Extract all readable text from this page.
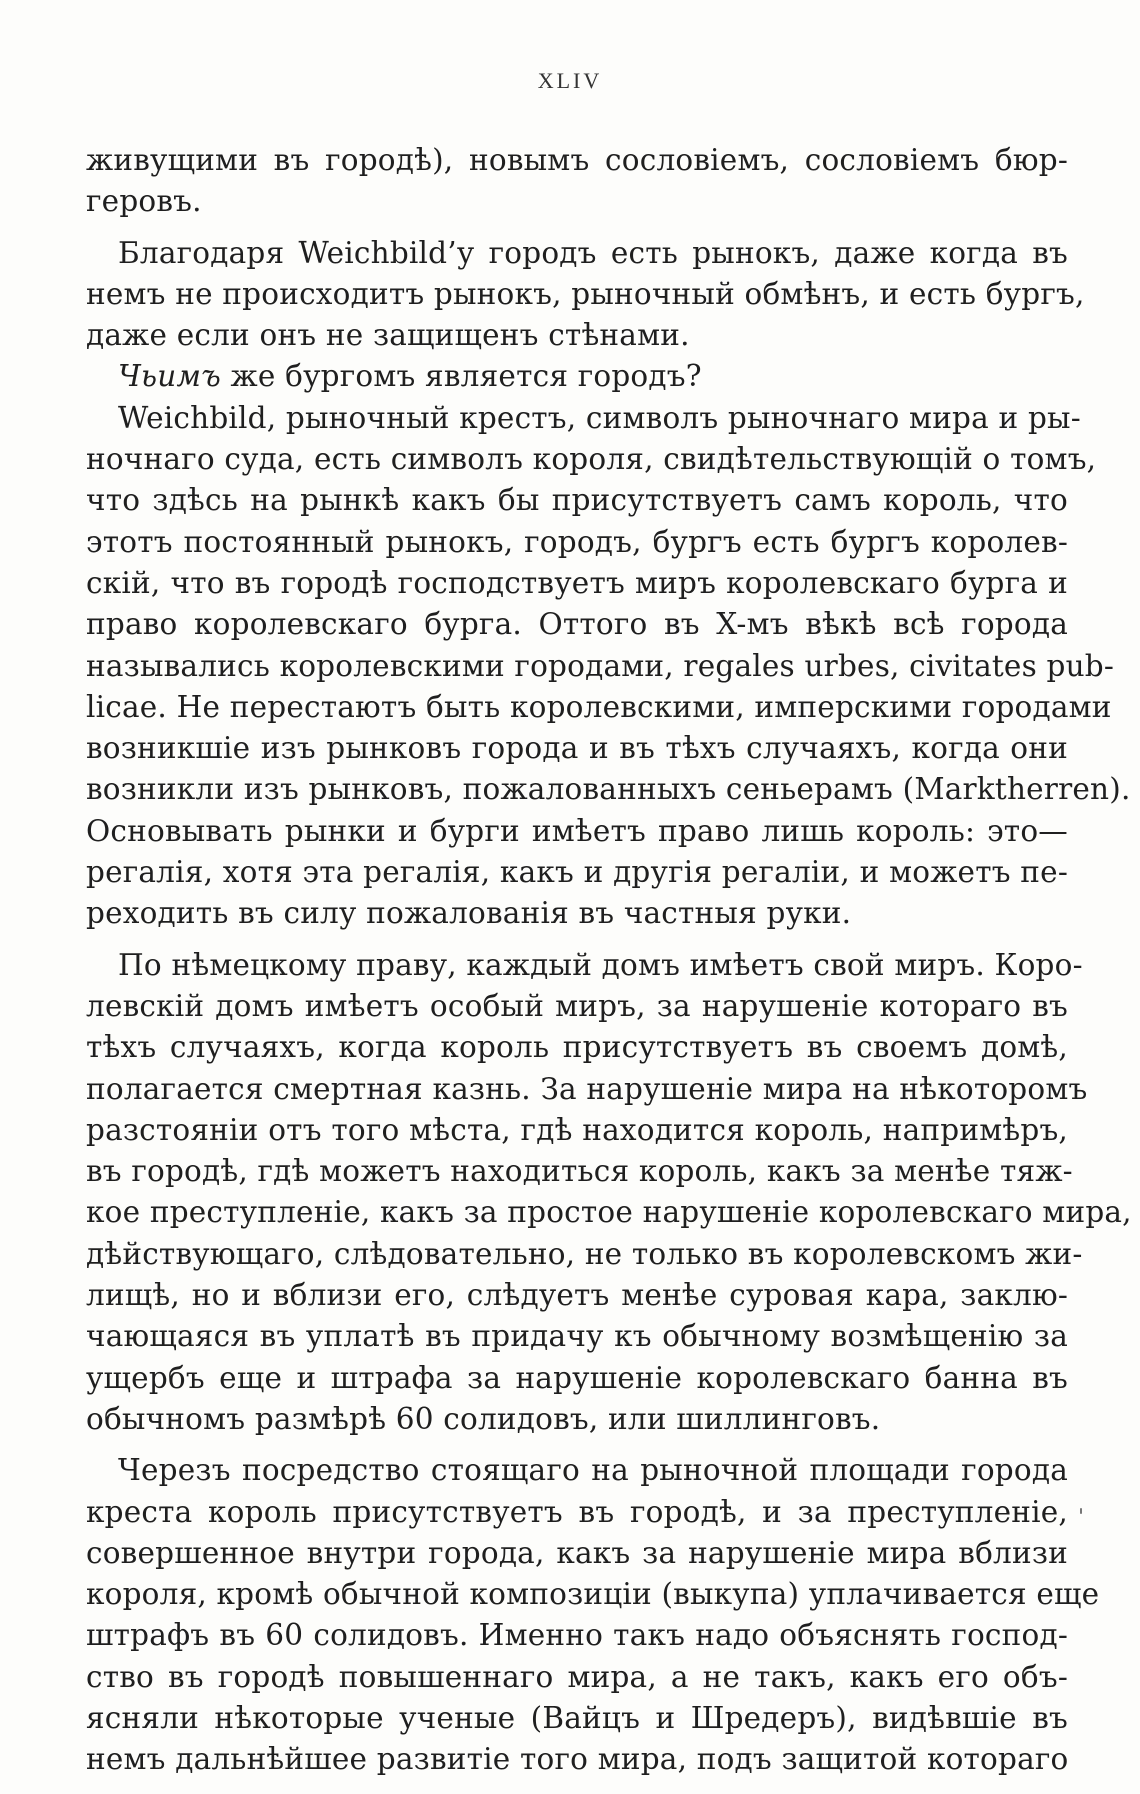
XLIV
живущими въ городѣ), новымъ сословіемъ, сословіемъ бюр-
геровъ.
Благодаря Weichbild’у городъ есть рынокъ, даже когда въ
немъ не происходитъ рынокъ, рыночный обмѣнъ, и есть бургъ,
даже если онъ не защищенъ стѣнами.
Чьимъ же бургомъ является городъ?
Weichbild, рыночный крестъ, символъ рыночнаго мира и ры-
ночнаго суда, есть символъ короля, свидѣтельствующій о томъ,
что здѣсь на рынкѣ какъ бы присутствуетъ самъ король, что
этотъ постоянный рынокъ, городъ, бургъ есть бургъ королев-
скій, что въ городѣ господствуетъ миръ королевскаго бурга и
право королевскаго бурга. Оттого въ X-мъ вѣкѣ всѣ города
назывались королевскими городами, regales urbes, civitates pub-
licae. Не перестаютъ быть королевскими, имперскими городами
возникшіе изъ рынковъ города и въ тѣхъ случаяхъ, когда они
возникли изъ рынковъ, пожалованныхъ сеньерамъ (Marktherren).
Основывать рынки и бурги имѣетъ право лишь король: это—
регалія, хотя эта регалія, какъ и другія регаліи, и можетъ пе-
реходить въ силу пожалованія въ частныя руки.
По нѣмецкому праву, каждый домъ имѣетъ свой миръ. Коро-
левскій домъ имѣетъ особый миръ, за нарушеніе котораго въ
тѣхъ случаяхъ, когда король присутствуетъ въ своемъ домѣ,
полагается смертная казнь. За нарушеніе мира на нѣкоторомъ
разстояніи отъ того мѣста, гдѣ находится король, напримѣръ,
въ городѣ, гдѣ можетъ находиться король, какъ за менѣе тяж-
кое преступленіе, какъ за простое нарушеніе королевскаго мира,
дѣйствующаго, слѣдовательно, не только въ королевскомъ жи-
лищѣ, но и вблизи его, слѣдуетъ менѣе суровая кара, заклю-
чающаяся въ уплатѣ въ придачу къ обычному возмѣщенію за
ущербъ еще и штрафа за нарушеніе королевскаго банна въ
обычномъ размѣрѣ 60 солидовъ, или шиллинговъ.
Черезъ посредство стоящаго на рыночной площади города
креста король присутствуетъ въ городѣ, и за преступленіе,
совершенное внутри города, какъ за нарушеніе мира вблизи
короля, кромѣ обычной композиціи (выкупа) уплачивается еще
штрафъ въ 60 солидовъ. Именно такъ надо объяснять господ-
ство въ городѣ повышеннаго мира, а не такъ, какъ его объ-
ясняли нѣкоторые ученые (Вайцъ и Шредеръ), видѣвшіе въ
немъ дальнѣйшее развитіе того мира, подъ защитой котораго
